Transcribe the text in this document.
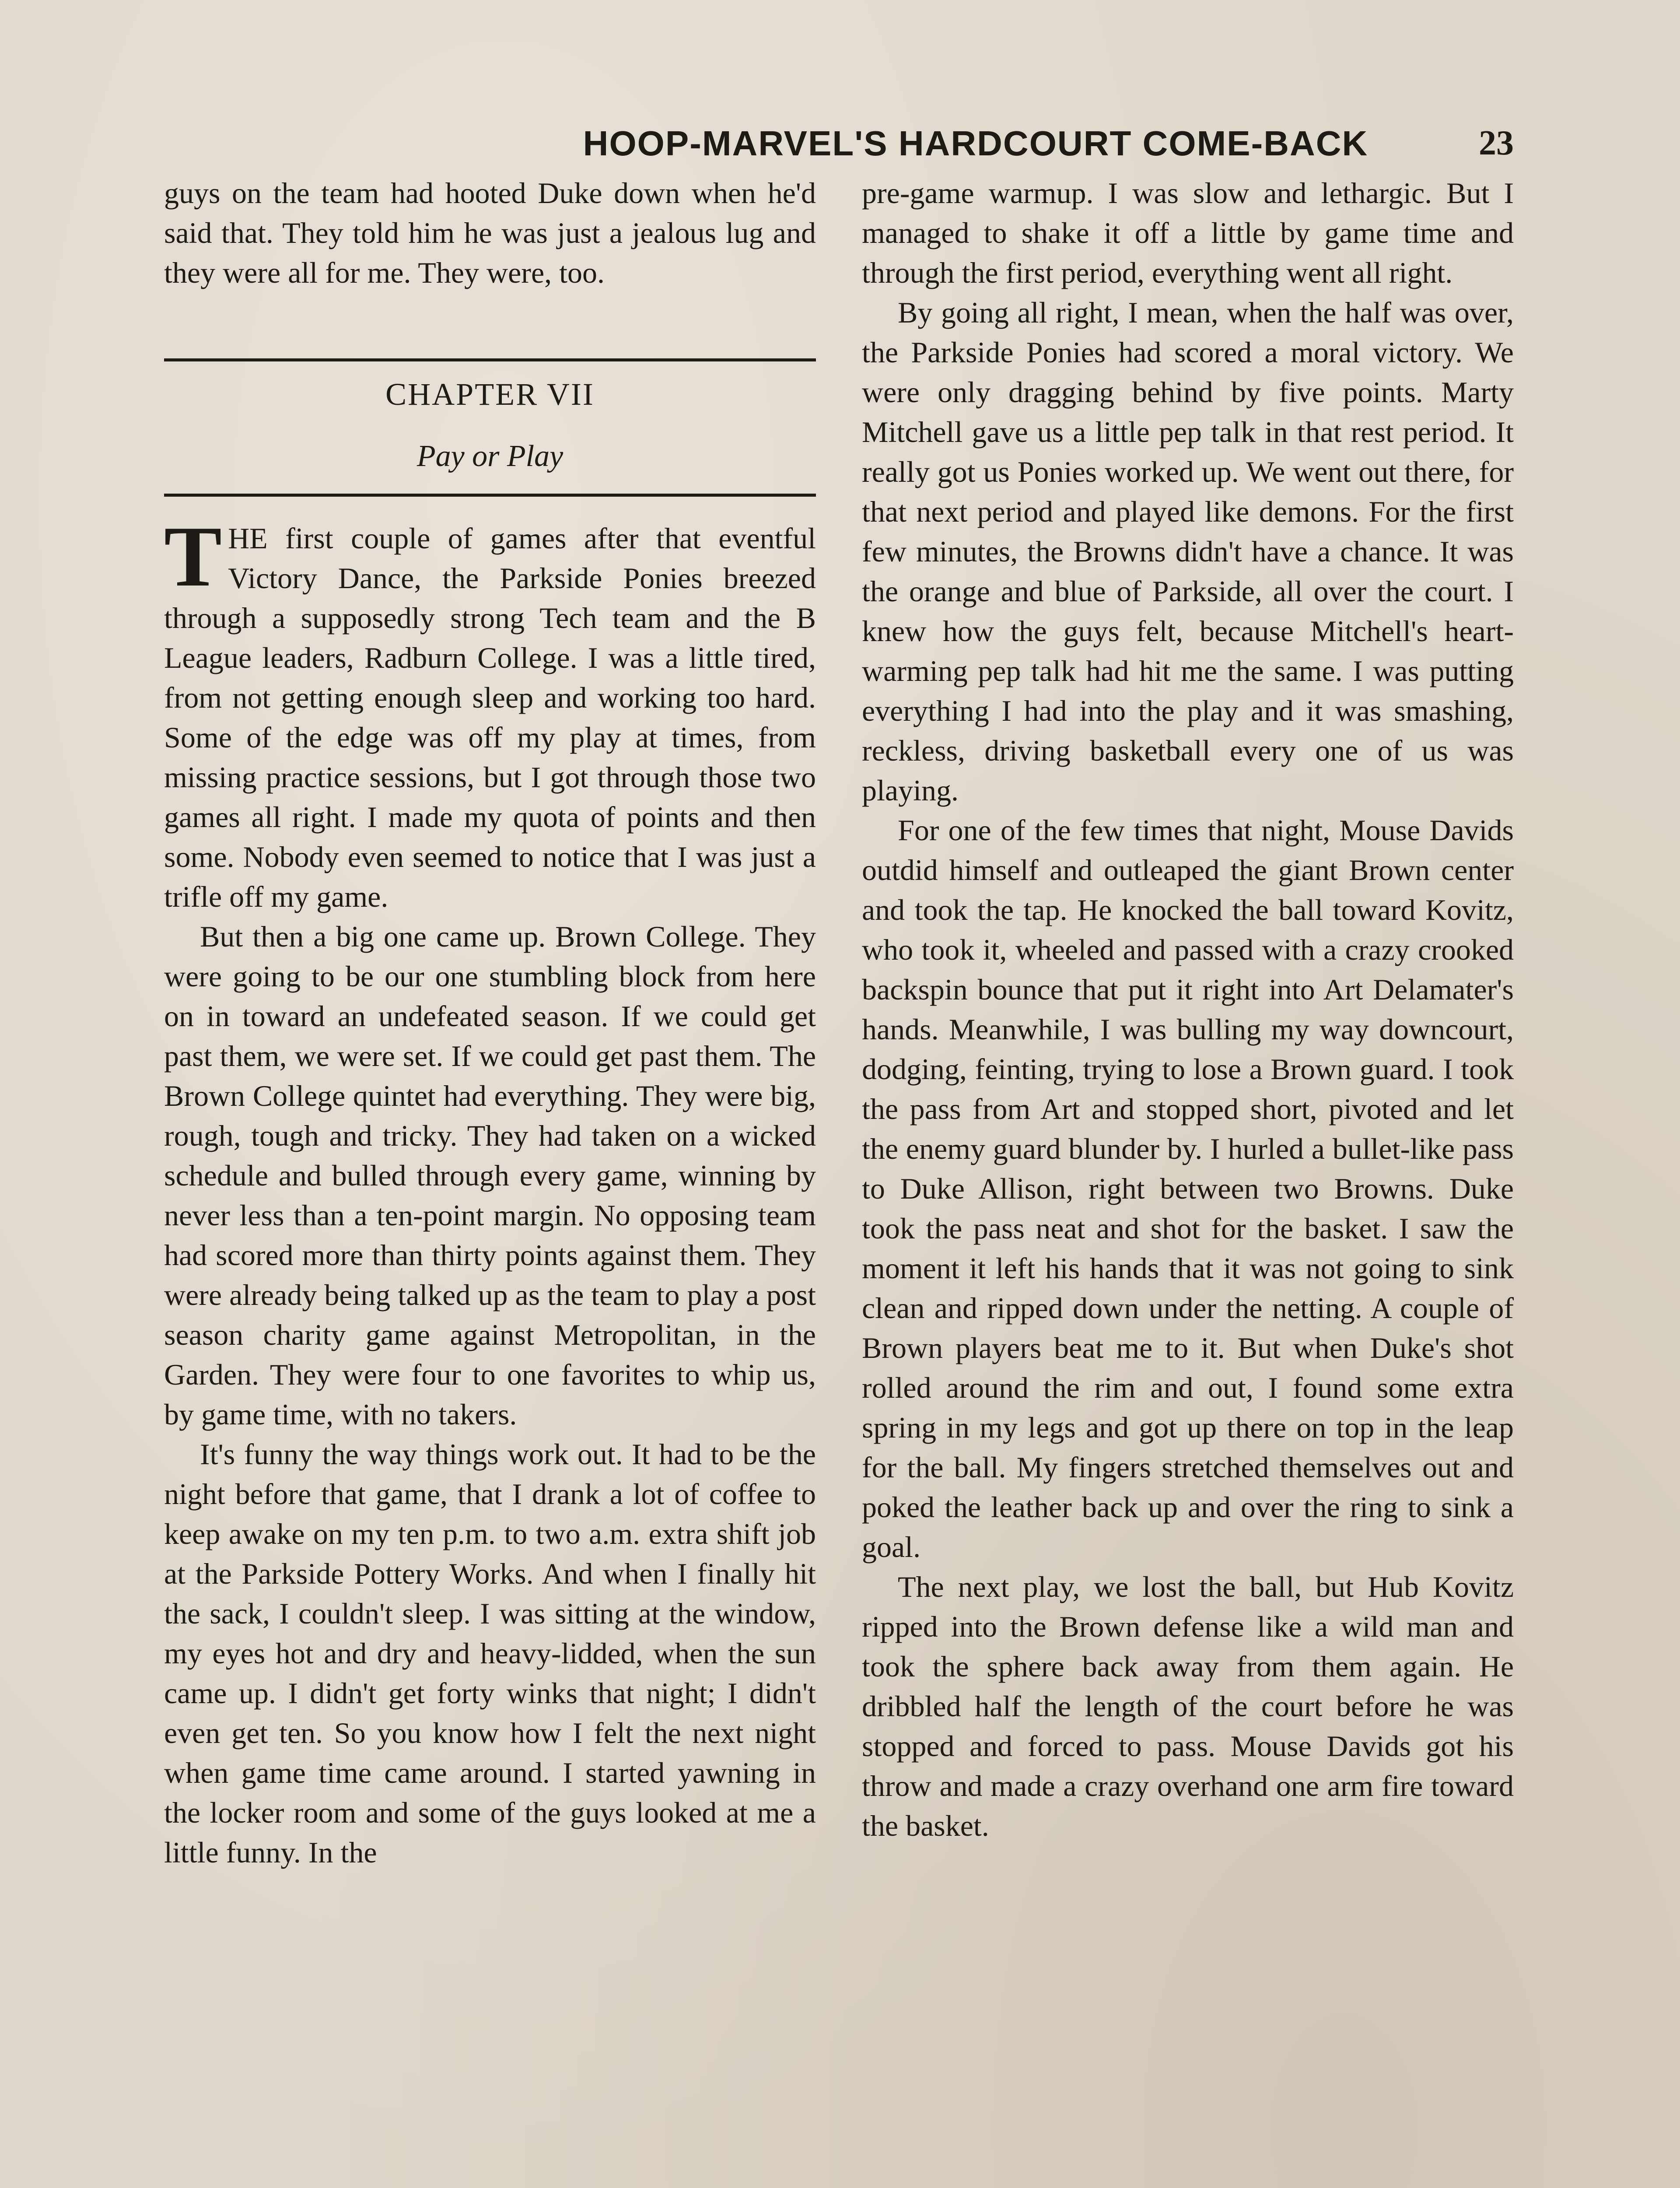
HOOP-MARVEL'S HARDCOURT COME-BACK	23

guys on the team had hooted Duke down when he'd said that. They told him he was just a jealous lug and they were all for me. They were, too.

CHAPTER VII
Pay or Play

THE first couple of games after that eventful Victory Dance, the Parkside Ponies breezed through a supposedly strong Tech team and the B League leaders, Radburn College. I was a little tired, from not getting enough sleep and working too hard. Some of the edge was off my play at times, from missing practice sessions, but I got through those two games all right. I made my quota of points and then some. Nobody even seemed to notice that I was just a trifle off my game.

But then a big one came up. Brown College. They were going to be our one stumbling block from here on in toward an undefeated season. If we could get past them, we were set. If we could get past them. The Brown College quintet had everything. They were big, rough, tough and tricky. They had taken on a wicked schedule and bulled through every game, winning by never less than a ten-point margin. No opposing team had scored more than thirty points against them. They were already being talked up as the team to play a post season charity game against Metropolitan, in the Garden. They were four to one favorites to whip us, by game time, with no takers.

It's funny the way things work out. It had to be the night before that game, that I drank a lot of coffee to keep awake on my ten p.m. to two a.m. extra shift job at the Parkside Pottery Works. And when I finally hit the sack, I couldn't sleep. I was sitting at the window, my eyes hot and dry and heavy-lidded, when the sun came up. I didn't get forty winks that night; I didn't even get ten. So you know how I felt the next night when game time came around. I started yawning in the locker room and some of the guys looked at me a little funny. In the

pre-game warmup. I was slow and lethargic. But I managed to shake it off a little by game time and through the first period, everything went all right.

By going all right, I mean, when the half was over, the Parkside Ponies had scored a moral victory. We were only dragging behind by five points. Marty Mitchell gave us a little pep talk in that rest period. It really got us Ponies worked up. We went out there, for that next period and played like demons. For the first few minutes, the Browns didn't have a chance. It was the orange and blue of Parkside, all over the court. I knew how the guys felt, because Mitchell's heart-warming pep talk had hit me the same. I was putting everything I had into the play and it was smashing, reckless, driving basketball every one of us was playing.

For one of the few times that night, Mouse Davids outdid himself and outleaped the giant Brown center and took the tap. He knocked the ball toward Kovitz, who took it, wheeled and passed with a crazy crooked backspin bounce that put it right into Art Delamater's hands. Meanwhile, I was bulling my way downcourt, dodging, feinting, trying to lose a Brown guard. I took the pass from Art and stopped short, pivoted and let the enemy guard blunder by. I hurled a bullet-like pass to Duke Allison, right between two Browns. Duke took the pass neat and shot for the basket. I saw the moment it left his hands that it was not going to sink clean and ripped down under the netting. A couple of Brown players beat me to it. But when Duke's shot rolled around the rim and out, I found some extra spring in my legs and got up there on top in the leap for the ball. My fingers stretched themselves out and poked the leather back up and over the ring to sink a goal.

The next play, we lost the ball, but Hub Kovitz ripped into the Brown defense like a wild man and took the sphere back away from them again. He dribbled half the length of the court before he was stopped and forced to pass. Mouse Davids got his throw and made a crazy overhand one arm fire toward the basket.
